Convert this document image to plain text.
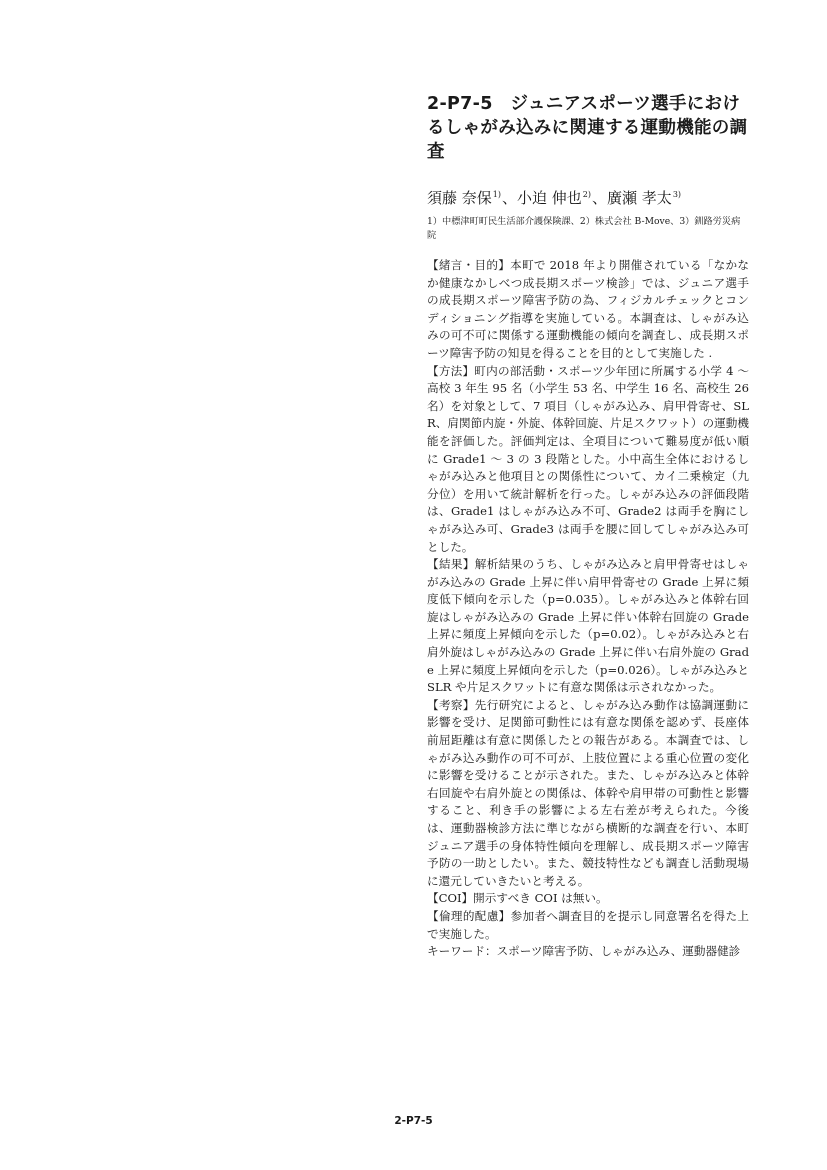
2-P7-5　ジュニアスポーツ選手におけるしゃがみ込みに関連する運動機能の調査
須藤 奈保$^{1)}$、小迫 伸也$^{2)}$、廣瀬 孝太$^{3)}$
1）中標津町町民生活部介護保険課、2）株式会社 B-Move、3）釧路労災病院

【緒言・目的】本町で 2018 年より開催されている「なかなか健康なかしべつ成長期スポーツ検診」では、ジュニア選手の成長期スポーツ障害予防の為、フィジカルチェックとコンディショニング指導を実施している。本調査は、しゃがみ込みの可不可に関係する運動機能の傾向を調査し、成長期スポーツ障害予防の知見を得ることを目的として実施した .

【方法】町内の部活動・スポーツ少年団に所属する小学 4 ～高校 3 年生 95 名（小学生 53 名、中学生 16 名、高校生 26 名）を対象として、7 項目（しゃがみ込み、肩甲骨寄せ、SLR、肩関節内旋・外旋、体幹回旋、片足スクワット）の運動機能を評価した。評価判定は、全項目について難易度が低い順に Grade1 ～ 3 の 3 段階とした。小中高生全体におけるしゃがみ込みと他項目との関係性について、カイ二乗検定（九分位）を用いて統計解析を行った。しゃがみ込みの評価段階は、Grade1 はしゃがみ込み不可、Grade2 は両手を胸にしゃがみ込み可、Grade3 は両手を腰に回してしゃがみ込み可とした。

【結果】解析結果のうち、しゃがみ込みと肩甲骨寄せはしゃがみ込みの Grade 上昇に伴い肩甲骨寄せの Grade 上昇に頻度低下傾向を示した（p=0.035）。しゃがみ込みと体幹右回旋はしゃがみ込みの Grade 上昇に伴い体幹右回旋の Grade 上昇に頻度上昇傾向を示した（p=0.02）。しゃがみ込みと右肩外旋はしゃがみ込みの Grade 上昇に伴い右肩外旋の Grade 上昇に頻度上昇傾向を示した（p=0.026）。しゃがみ込みと SLR や片足スクワットに有意な関係は示されなかった。

【考察】先行研究によると、しゃがみ込み動作は協調運動に影響を受け、足関節可動性には有意な関係を認めず、長座体前屈距離は有意に関係したとの報告がある。本調査では、しゃがみ込み動作の可不可が、上肢位置による重心位置の変化に影響を受けることが示された。また、しゃがみ込みと体幹右回旋や右肩外旋との関係は、体幹や肩甲帯の可動性と影響すること、利き手の影響による左右差が考えられた。今後は、運動器検診方法に準じながら横断的な調査を行い、本町ジュニア選手の身体特性傾向を理解し、成長期スポーツ障害予防の一助としたい。また、競技特性なども調査し活動現場に還元していきたいと考える。

【COI】開示すべき COI は無い。

【倫理的配慮】参加者へ調査目的を提示し同意署名を得た上で実施した。

キーワード：スポーツ障害予防、しゃがみ込み、運動器健診

2-P7-5
